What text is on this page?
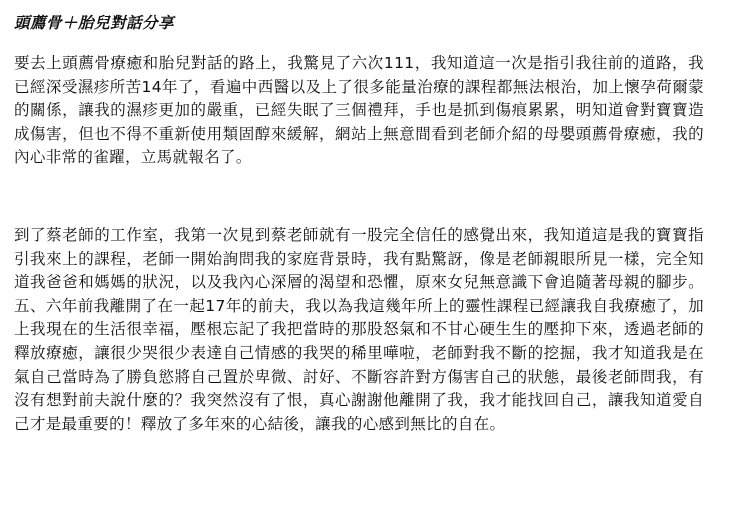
頭薦骨＋胎兒對話分享

要去上頭薦骨療癒和胎兒對話的路上，我驚見了六次111，我知道這一次是指引我往前的道路，我已經深受濕疹所苦14年了，看遍中西醫以及上了很多能量治療的課程都無法根治，加上懷孕荷爾蒙的關係，讓我的濕疹更加的嚴重，已經失眠了三個禮拜，手也是抓到傷痕累累，明知道會對寶寶造成傷害，但也不得不重新使用類固醇來緩解，網站上無意間看到老師介紹的母嬰頭薦骨療癒，我的內心非常的雀躍，立馬就報名了。

到了蔡老師的工作室，我第一次見到蔡老師就有一股完全信任的感覺出來，我知道這是我的寶寶指引我來上的課程，老師一開始詢問我的家庭背景時，我有點驚訝，像是老師親眼所見一樣，完全知道我爸爸和媽媽的狀況，以及我內心深層的渴望和恐懼，原來女兒無意識下會追隨著母親的腳步。五、六年前我離開了在一起17年的前夫，我以為我這幾年所上的靈性課程已經讓我自我療癒了，加上我現在的生活很幸福，壓根忘記了我把當時的那股怒氣和不甘心硬生生的壓抑下來，透過老師的釋放療癒，讓很少哭很少表達自己情感的我哭的稀里嘩啦，老師對我不斷的挖掘，我才知道我是在氣自己當時為了勝負慾將自己置於卑微、討好、不斷容許對方傷害自己的狀態，最後老師問我，有沒有想對前夫說什麼的？我突然沒有了恨，真心謝謝他離開了我，我才能找回自己，讓我知道愛自己才是最重要的！釋放了多年來的心結後，讓我的心感到無比的自在。
